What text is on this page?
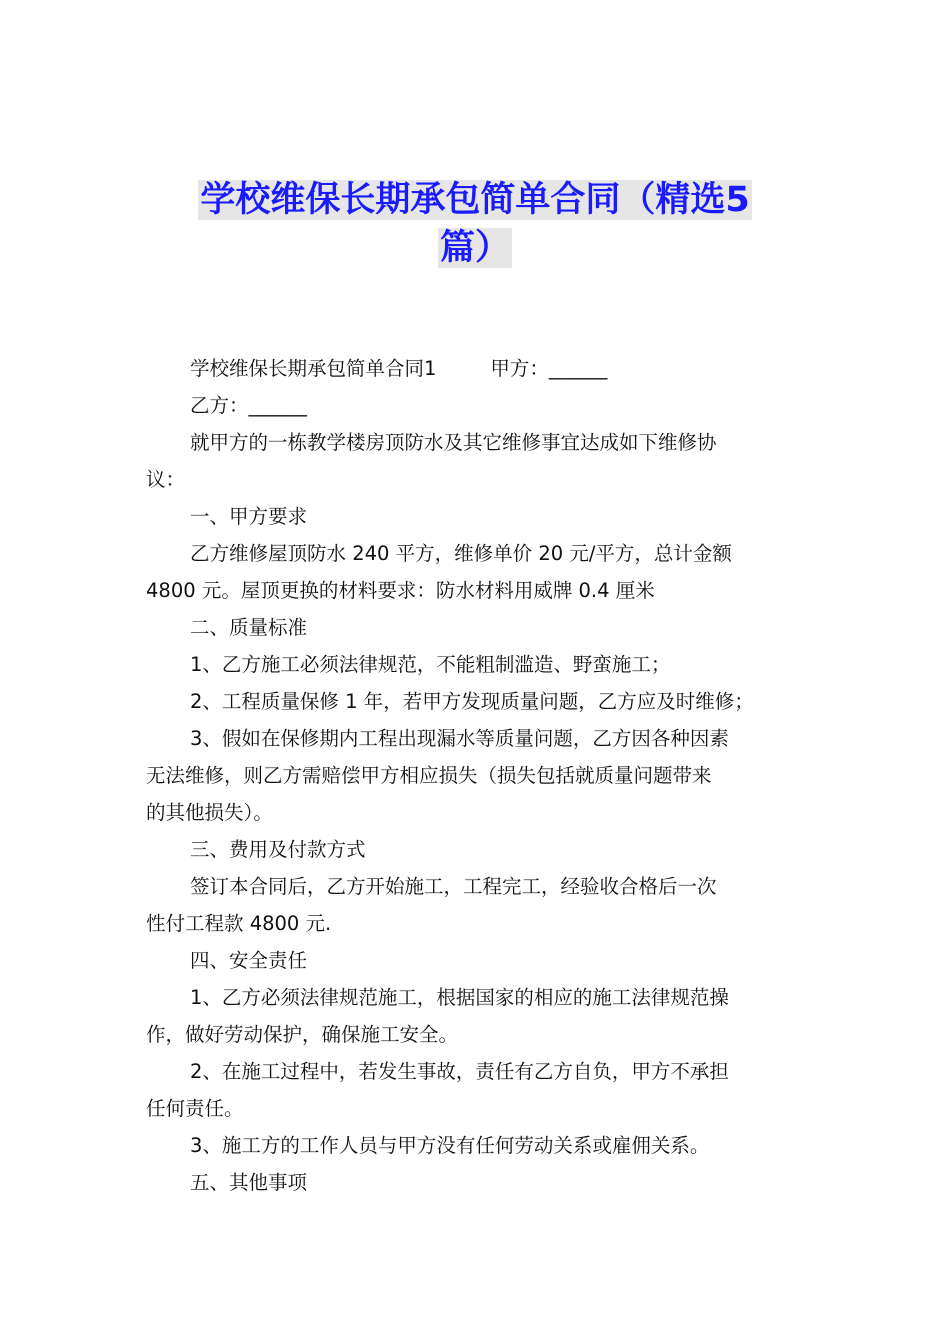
学校维保长期承包简单合同（精选5
篇）

学校维保长期承包简单合同1	甲方：______

乙方：______

就甲方的一栋教学楼房顶防水及其它维修事宜达成如下维修协

议：

一、甲方要求

乙方维修屋顶防水 240 平方，维修单价 20 元/平方，总计金额

4800 元。屋顶更换的材料要求：防水材料用威牌 0.4 厘米

二、质量标准

1、乙方施工必须法律规范，不能粗制滥造、野蛮施工；

2、工程质量保修 1 年，若甲方发现质量问题，乙方应及时维修；

3、假如在保修期内工程出现漏水等质量问题，乙方因各种因素

无法维修，则乙方需赔偿甲方相应损失（损失包括就质量问题带来

的其他损失）。

三、费用及付款方式

签订本合同后，乙方开始施工，工程完工，经验收合格后一次

性付工程款 4800 元.

四、安全责任

1、乙方必须法律规范施工，根据国家的相应的施工法律规范操

作，做好劳动保护，确保施工安全。

2、在施工过程中，若发生事故，责任有乙方自负，甲方不承担

任何责任。

3、施工方的工作人员与甲方没有任何劳动关系或雇佣关系。

五、其他事项
